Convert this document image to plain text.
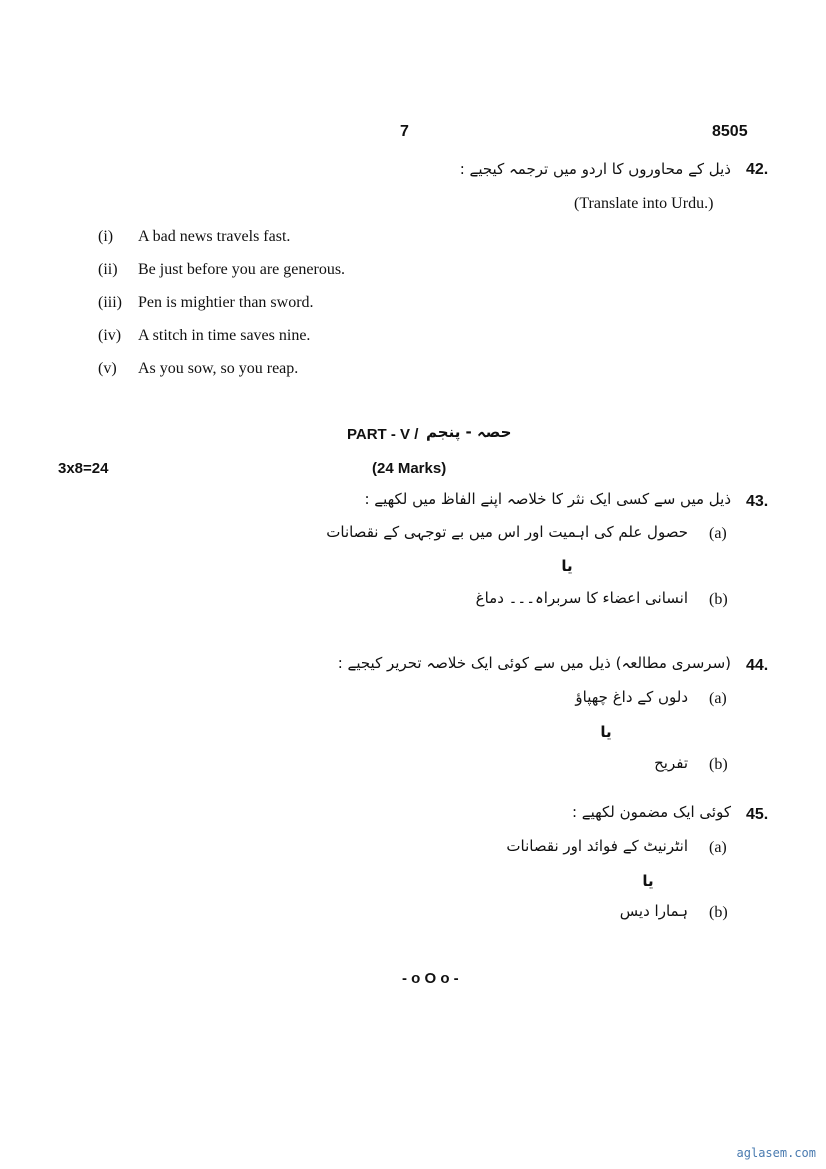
7	8505
42.
ذیل کے محاوروں کا اردو میں ترجمہ کیجیے :
(Translate into Urdu.)
(i) A bad news travels fast.
(ii) Be just before you are generous.
(iii) Pen is mightier than sword.
(iv) A stitch in time saves nine.
(v) As you sow, so you reap.
PART - V / حصہ - پنجم
3x8=24	(24 Marks)
43.
ذیل میں سے کسی ایک نثر کا خلاصہ اپنے الفاظ میں لکھیے :
(a)
حصول علم کی اہمیت اور اس میں بے توجہی کے نقصانات
یا
(b)
انسانی اعضاء کا سربراہ۔۔۔ دماغ
44.
(سرسری مطالعہ) ذیل میں سے کوئی ایک خلاصہ تحریر کیجیے :
(a)
دلوں کے داغ چھپاؤ
یا
(b)
تفریح
45.
کوئی ایک مضمون لکھیے :
(a)
انٹرنیٹ کے فوائد اور نقصانات
یا
(b)
ہمارا دیس
- o O o -
aglasem.com
